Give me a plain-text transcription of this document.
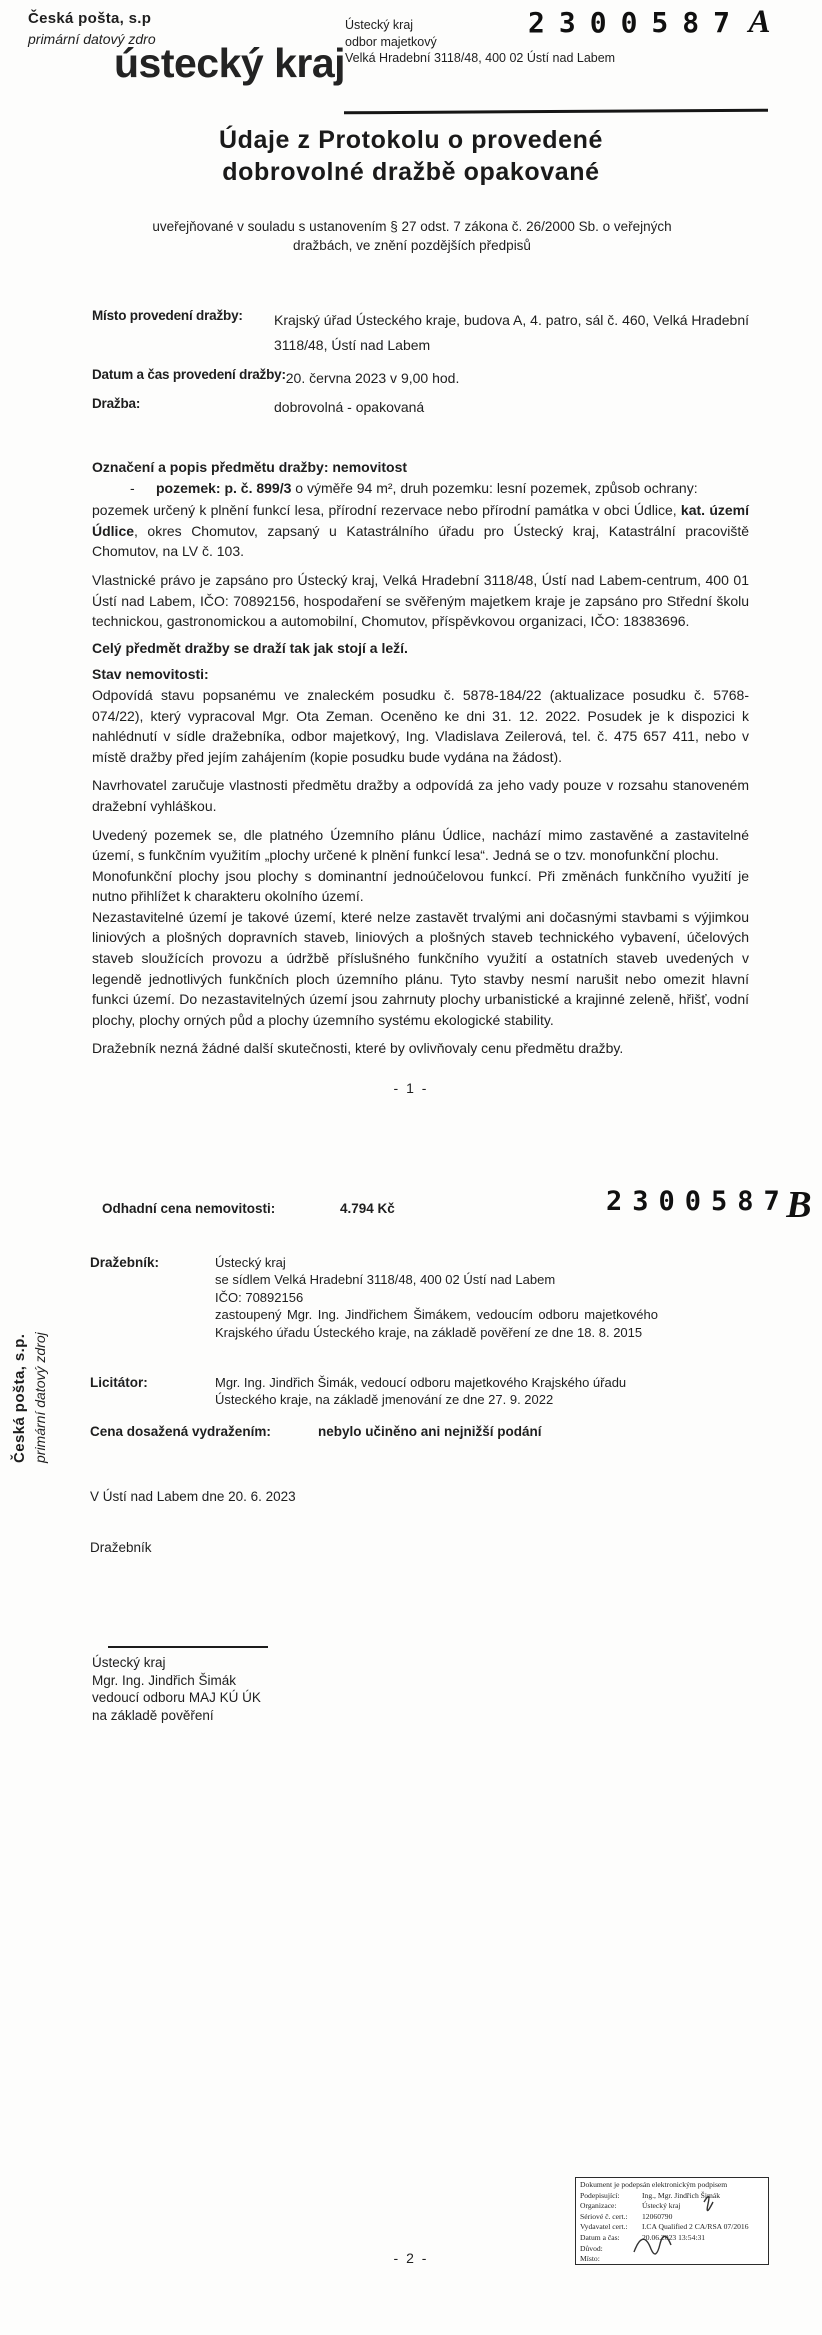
Česká pošta, s.p
primární datový zdro
ústecký kraj
Ústecký kraj
odbor majetkový
Velká Hradební 3118/48, 400 02 Ústí nad Labem
2300587 A
Údaje z Protokolu o provedené
dobrovolné dražbě opakované
uveřejňované v souladu s ustanovením § 27 odst. 7 zákona č. 26/2000 Sb. o veřejných
dražbách, ve znění pozdějších předpisů
Místo provedení dražby:	Krajský úřad Ústeckého kraje, budova A, 4. patro, sál č. 460, Velká Hradební 3118/48, Ústí nad Labem
Datum a čas provedení dražby: 20. června 2023 v 9,00 hod.
Dražba:	dobrovolná - opakovaná

Označení a popis předmětu dražby: nemovitost

-	pozemek: p. č. 899/3 o výměře 94 m², druh pozemku: lesní pozemek, způsob ochrany:

pozemek určený k plnění funkcí lesa, přírodní rezervace nebo přírodní památka v obci Údlice, kat. území Údlice, okres Chomutov, zapsaný u Katastrálního úřadu pro Ústecký kraj, Katastrální pracoviště Chomutov, na LV č. 103.

Vlastnické právo je zapsáno pro Ústecký kraj, Velká Hradební 3118/48, Ústí nad Labem-centrum, 400 01 Ústí nad Labem, IČO: 70892156, hospodaření se svěřeným majetkem kraje je zapsáno pro Střední školu technickou, gastronomickou a automobilní, Chomutov, příspěvkovou organizaci, IČO: 18383696.

Celý předmět dražby se draží tak jak stojí a leží.

Stav nemovitosti:

Odpovídá stavu popsanému ve znaleckém posudku č. 5878-184/22 (aktualizace posudku č. 5768-074/22), který vypracoval Mgr. Ota Zeman. Oceněno ke dni 31. 12. 2022. Posudek je k dispozici k nahlédnutí v sídle dražebníka, odbor majetkový, Ing. Vladislava Zeilerová, tel. č. 475 657 411, nebo v místě dražby před jejím zahájením (kopie posudku bude vydána na žádost).

Navrhovatel zaručuje vlastnosti předmětu dražby a odpovídá za jeho vady pouze v rozsahu stanoveném dražební vyhláškou.

Uvedený pozemek se, dle platného Územního plánu Údlice, nachází mimo zastavěné a zastavitelné území, s funkčním využitím „plochy určené k plnění funkcí lesa“. Jedná se o tzv. monofunkční plochu.

Monofunkční plochy jsou plochy s dominantní jednoúčelovou funkcí. Při změnách funkčního využití je nutno přihlížet k charakteru okolního území.

Nezastavitelné území je takové území, které nelze zastavět trvalými ani dočasnými stavbami s výjimkou liniových a plošných dopravních staveb, liniových a plošných staveb technického vybavení, účelových staveb sloužících provozu a údržbě příslušného funkčního využití a ostatních staveb uvedených v legendě jednotlivých funkčních ploch územního plánu. Tyto stavby nesmí narušit nebo omezit hlavní funkci území. Do nezastavitelných území jsou zahrnuty plochy urbanistické a krajinné zeleně, hřišť, vodní plochy, plochy orných půd a plochy územního systému ekologické stability.

Dražebník nezná žádné další skutečnosti, které by ovlivňovaly cenu předmětu dražby.

- 1 -
Česká pošta, s.p. primární datový zdroj
2300587 B
Odhadní cena nemovitosti:	4.794 Kč
Dražebník:	Ústecký kraj
se sídlem Velká Hradební 3118/48, 400 02 Ústí nad Labem
IČO: 70892156
zastoupený Mgr. Ing. Jindřichem Šimákem, vedoucím odboru majetkového Krajského úřadu Ústeckého kraje, na základě pověření ze dne 18. 8. 2015
Licitátor:	Mgr. Ing. Jindřich Šimák, vedoucí odboru majetkového Krajského úřadu Ústeckého kraje, na základě jmenování ze dne 27. 9. 2022
Cena dosažená vydražením:	nebylo učiněno ani nejnižší podání
V Ústí nad Labem dne 20. 6. 2023
Dražebník
Ústecký kraj
Mgr. Ing. Jindřich Šimák
vedoucí odboru MAJ KÚ ÚK
na základě pověření
Dokument je podepsán elektronickým podpisem
Podepisující:	Ing., Mgr. Jindřich Šimák
Organizace:	Ústecký kraj
Sériové č. cert.:	12060790
Vydavatel cert.:	I.CA Qualified 2 CA/RSA 07/2016
Datum a čas:	20.06.2023 13:54:31
Důvod:
Místo:
- 2 -
